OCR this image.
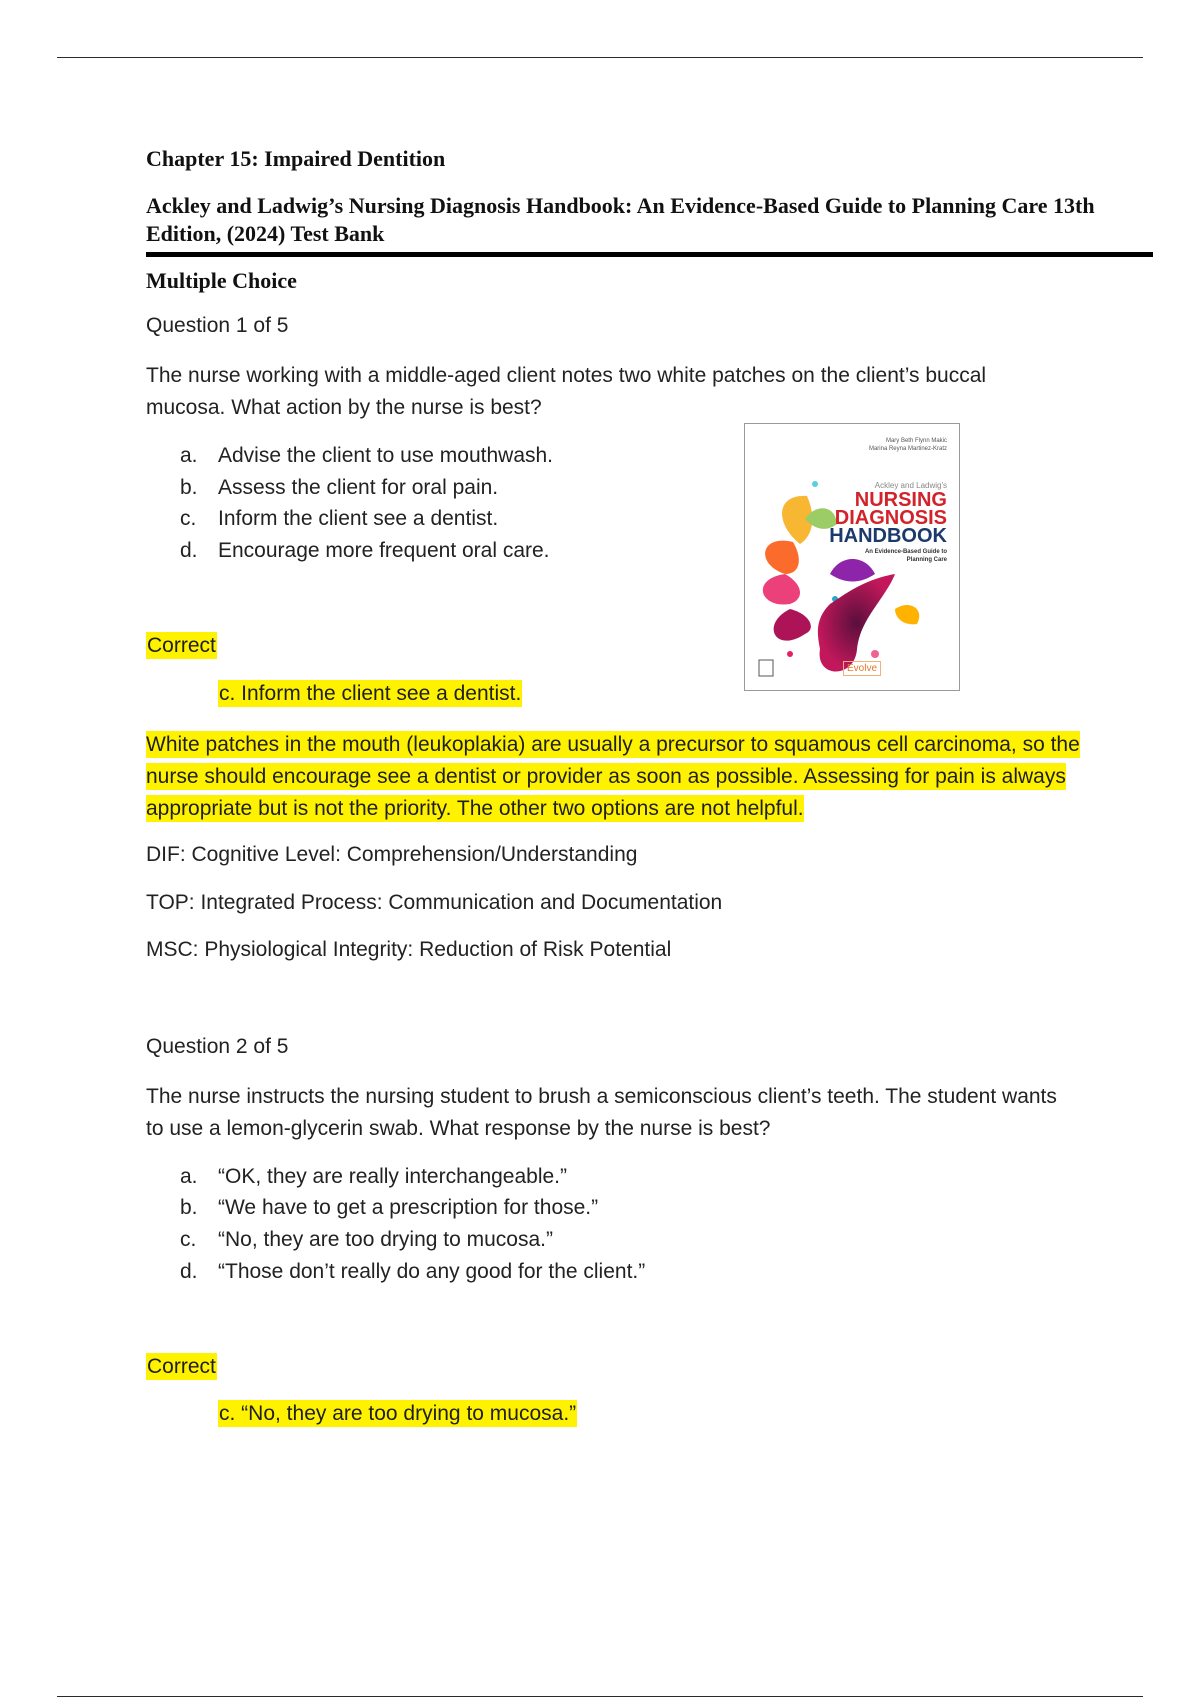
Chapter 15: Impaired Dentition
Ackley and Ladwig’s Nursing Diagnosis Handbook: An Evidence-Based Guide to Planning Care 13th Edition, (2024) Test Bank
Multiple Choice
Question 1 of 5
The nurse working with a middle-aged client notes two white patches on the client’s buccal mucosa. What action by the nurse is best?
a. Advise the client to use mouthwash.
b. Assess the client for oral pain.
c. Inform the client see a dentist.
d. Encourage more frequent oral care.
Mary Beth Flynn Makic
Marina Reyna Martinez-Kratz
Ackley and Ladwig's
NURSING
DIAGNOSIS
HANDBOOK
An Evidence-Based Guide to Planning Care
Evolve
Correct
c. Inform the client see a dentist.
White patches in the mouth (leukoplakia) are usually a precursor to squamous cell carcinoma, so the nurse should encourage see a dentist or provider as soon as possible. Assessing for pain is always appropriate but is not the priority. The other two options are not helpful.
DIF: Cognitive Level: Comprehension/Understanding
TOP: Integrated Process: Communication and Documentation
MSC: Physiological Integrity: Reduction of Risk Potential
Question 2 of 5
The nurse instructs the nursing student to brush a semiconscious client’s teeth. The student wants to use a lemon-glycerin swab. What response by the nurse is best?
a. “OK, they are really interchangeable.”
b. “We have to get a prescription for those.”
c. “No, they are too drying to mucosa.”
d. “Those don’t really do any good for the client.”
Correct
c. “No, they are too drying to mucosa.”
